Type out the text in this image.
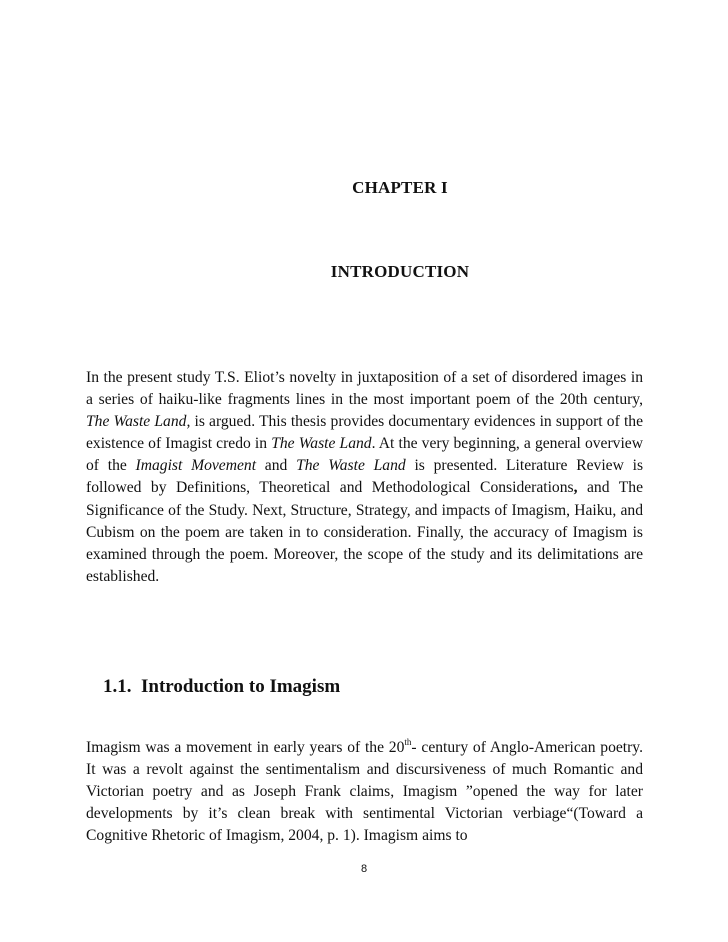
CHAPTER I
INTRODUCTION
In the present study T.S. Eliot’s novelty in juxtaposition of a set of disordered images in a series of haiku-like fragments lines in the most important poem of the 20th century, The Waste Land, is argued. This thesis provides documentary evidences in support of the existence of Imagist credo in The Waste Land. At the very beginning, a general overview of the Imagist Movement and The Waste Land is presented. Literature Review is followed by Definitions, Theoretical and Methodological Considerations, and The Significance of the Study. Next, Structure, Strategy, and impacts of Imagism, Haiku, and Cubism on the poem are taken in to consideration. Finally, the accuracy of Imagism is examined through the poem. Moreover, the scope of the study and its delimitations are established.
1.1. Introduction to Imagism
Imagism was a movement in early years of the 20th- century of Anglo-American poetry. It was a revolt against the sentimentalism and discursiveness of much Romantic and Victorian poetry and as Joseph Frank claims, Imagism ”opened the way for later developments by it’s clean break with sentimental Victorian verbiage“(Toward a Cognitive Rhetoric of Imagism, 2004, p. 1). Imagism aims to
8
